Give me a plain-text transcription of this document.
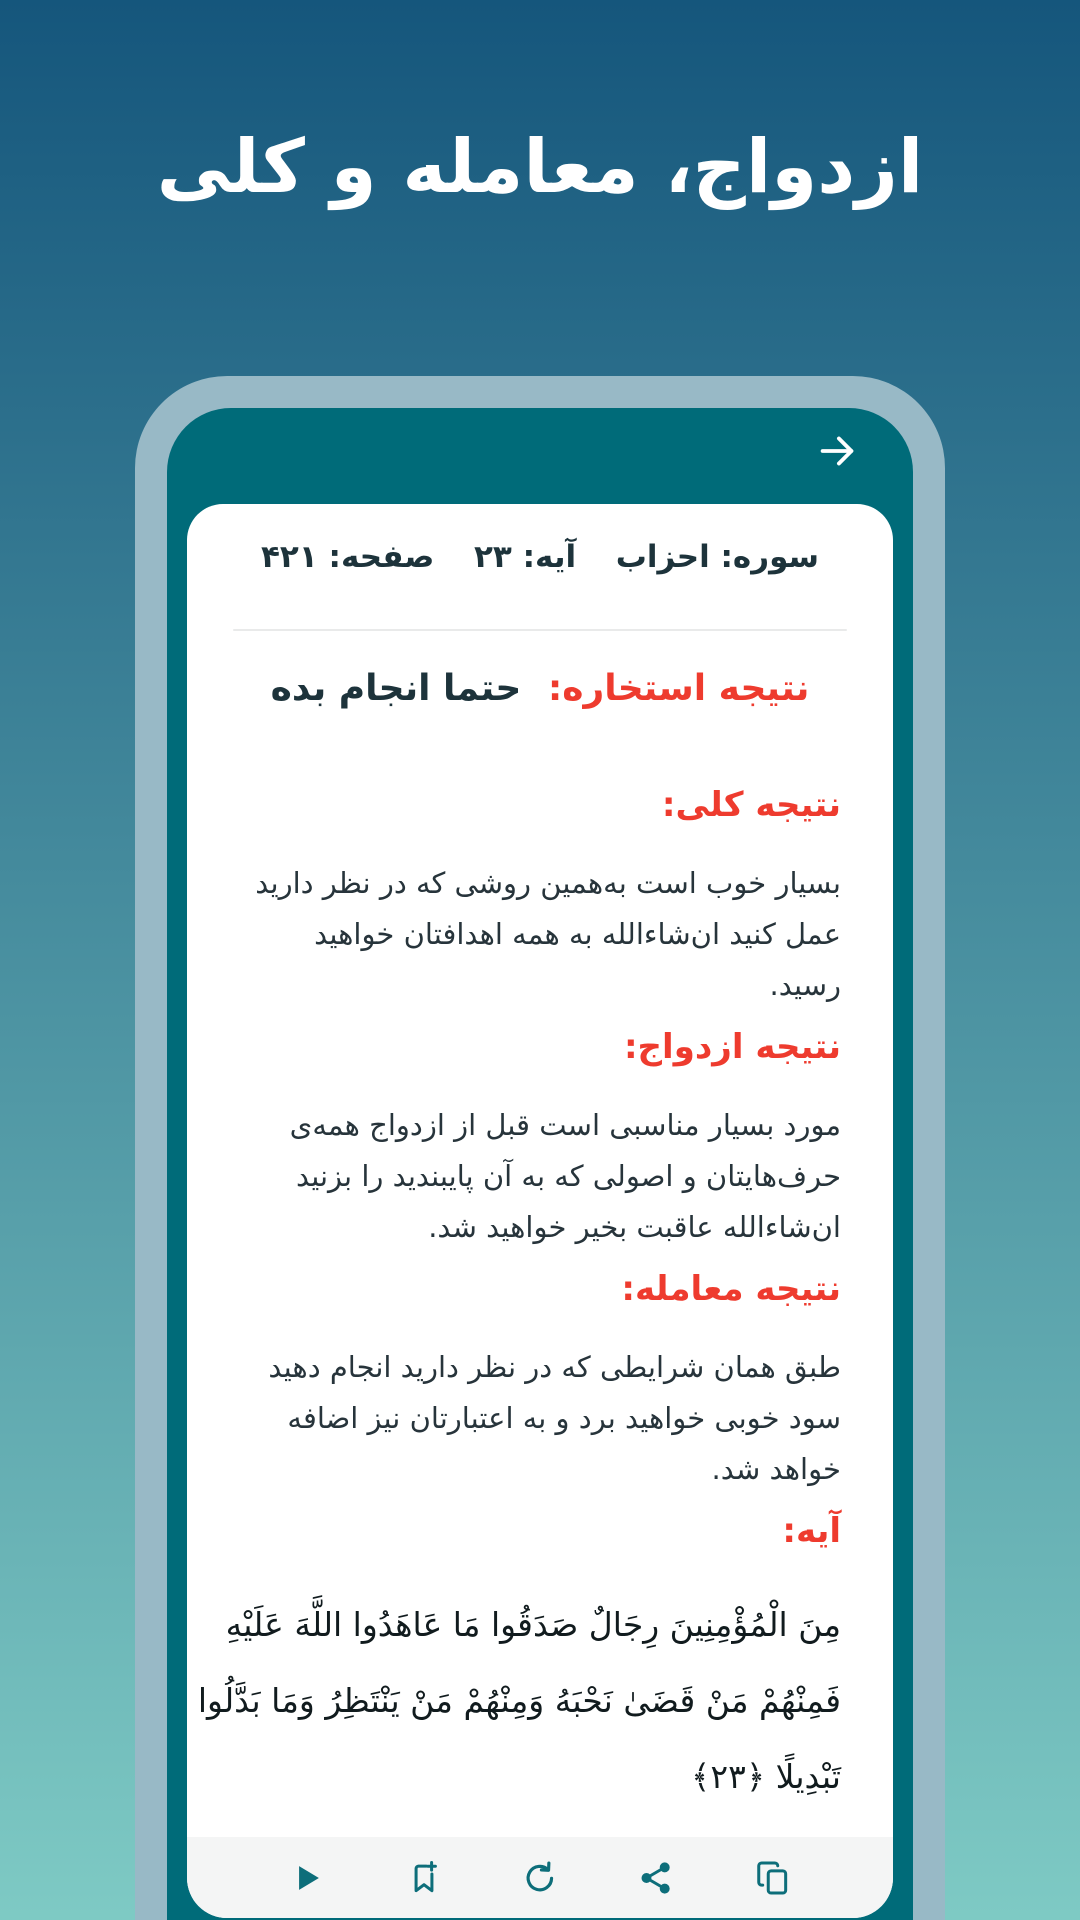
ازدواج، معامله و کلی
سوره: احزاب
آیه: ۲۳
صفحه: ۴۲۱
نتیجه استخاره: حتما انجام بده
نتیجه کلی:
بسیار خوب است به‌همین روشی که در نظر دارید
عمل کنید ان‌شاءالله به همه اهدافتان خواهید
رسید.
نتیجه ازدواج:
مورد بسیار مناسبی است قبل از ازدواج همه‌ی
حرف‌هایتان و اصولی که به آن پایبندید را بزنید
ان‌شاءالله عاقبت بخیر خواهید شد.
نتیجه معامله:
طبق همان شرایطی که در نظر دارید انجام دهید
سود خوبی خواهید برد و به اعتبارتان نیز اضافه
خواهد شد.
آیه:
مِنَ الْمُؤْمِنِينَ رِجَالٌ صَدَقُوا مَا عَاهَدُوا اللَّهَ عَلَيْهِ
فَمِنْهُمْ مَنْ قَضَىٰ نَحْبَهُ وَمِنْهُمْ مَنْ يَنْتَظِرُ وَمَا بَدَّلُوا
تَبْدِيلًا ﴿٢٣﴾
